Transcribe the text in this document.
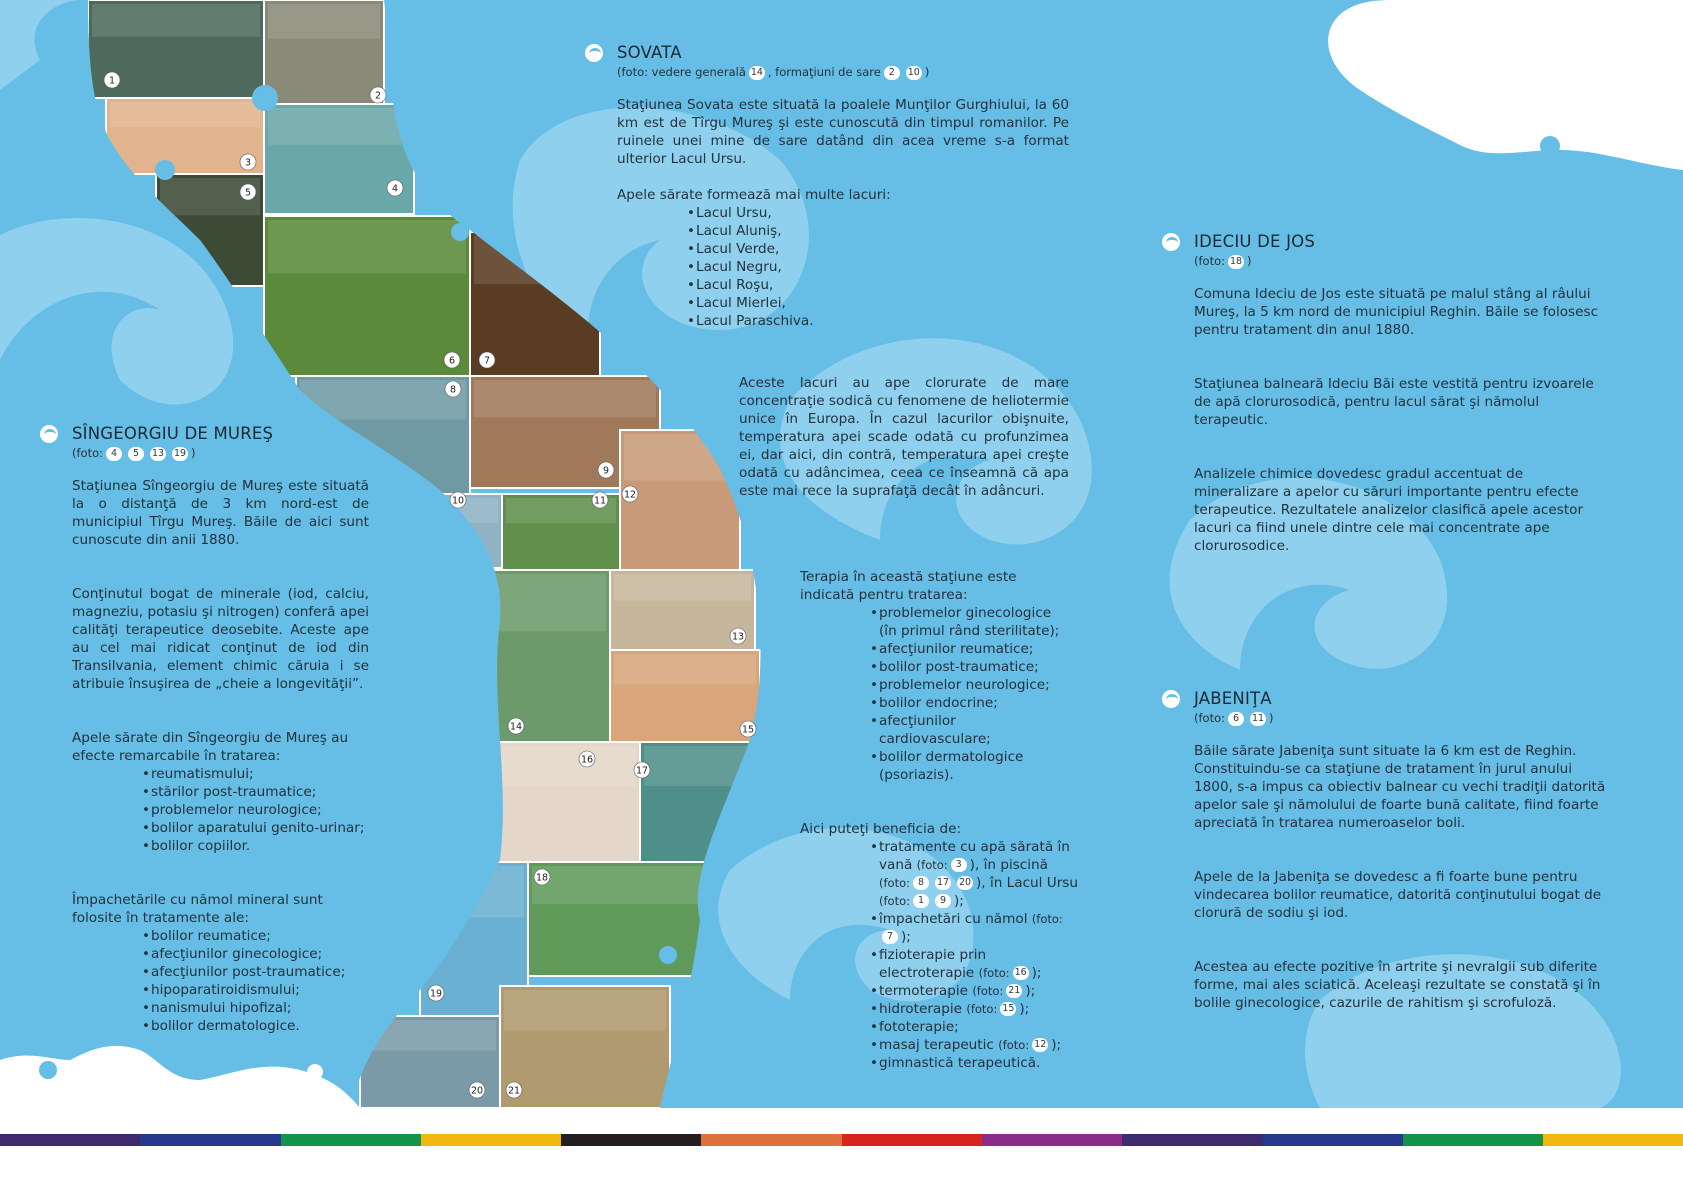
1
2
3
4
5
6	7
8
9
10	11
12
13
14	15
16
17
18
19
20	21
SOVATA
(foto: vedere generală 14 , formaţiuni de sare 2 10 )

Staţiunea Sovata este situată la poalele Munţilor Gurghiului, la 60 km est de Tîrgu Mureş şi este cunoscută din timpul romanilor. Pe ruinele unei mine de sare datând din acea vreme s-a format ulterior Lacul Ursu.

Apele sărate formează mai multe lacuri:

• Lacul Ursu,
• Lacul Aluniş,
• Lacul Verde,
• Lacul Negru,
• Lacul Roşu,
• Lacul Mierlei,
• Lacul Paraschiva.

Aceste lacuri au ape clorurate de mare concentraţie sodică cu fenomene de heliotermie unice în Europa. În cazul lacurilor obişnuite, temperatura apei scade odată cu profunzimea ei, dar aici, din contră, temperatura apei creşte odată cu adâncimea, ceea ce înseamnă că apa este mai rece la suprafaţă decât în adâncuri.

Terapia în această staţiune este indicată pentru tratarea:

• problemelor ginecologice (în primul rând sterilitate);
• afecţiunilor reumatice;
• bolilor post-traumatice;
• problemelor neurologice;
• bolilor endocrine;
• afecţiunilor cardiovasculare;
• bolilor dermatologice (psoriazis).

Aici puteţi beneficia de:

• tratamente cu apă sărată în vană (foto: 3 ), în piscină (foto: 8 17 20 ), în Lacul Ursu (foto: 1 9 );
• împachetări cu nămol (foto:7 );
• fizioterapie prin electroterapie (foto: 16 );
• termoterapie (foto: 21 );
• hidroterapie (foto: 15 );
• fototerapie;
• masaj terapeutic (foto: 12 );
• gimnastică terapeutică.
SÎNGEORGIU DE MUREŞ
(foto: 4 5 13 19 )

Staţiunea Sîngeorgiu de Mureş este situată la o distanţă de 3 km nord-est de municipiul Tîrgu Mureş. Băile de aici sunt cunoscute din anii 1880.

Conţinutul bogat de minerale (iod, calciu, magneziu, potasiu şi nitrogen) conferă apei calităţi terapeutice deosebite. Aceste ape au cel mai ridicat conţinut de iod din Transilvania, element chimic căruia i se atribuie însuşirea de „cheie a longevităţii”.

Apele sărate din Sîngeorgiu de Mureş au efecte remarcabile în tratarea:

• reumatismului;
• stărilor post-traumatice;
• problemelor neurologice;
• bolilor aparatului genito-urinar;
• bolilor copiilor.

Împachetările cu nămol mineral sunt folosite în tratamente ale:

• bolilor reumatice;
• afecţiunilor ginecologice;
• afecţiunilor post-traumatice;
• hipoparatiroidismului;
• nanismului hipofizal;
• bolilor dermatologice.
IDECIU DE JOS
(foto: 18 )

Comuna Ideciu de Jos este situată pe malul stâng al râului Mureş, la 5 km nord de municipiul Reghin. Băile se folosesc pentru tratament din anul 1880.

Staţiunea balneară Ideciu Băi este vestită pentru izvoarele de apă clorurosodică, pentru lacul sărat şi nămolul terapeutic.

Analizele chimice dovedesc gradul accentuat de mineralizare a apelor cu săruri importante pentru efecte terapeutice. Rezultatele analizelor clasifică apele acestor lacuri ca fiind unele dintre cele mai concentrate ape clorurosodice.

JABENIŢA
(foto: 6 11 )

Băile sărate Jabeniţa sunt situate la 6 km est de Reghin. Constituindu-se ca staţiune de tratament în jurul anului 1800, s-a impus ca obiectiv balnear cu vechi tradiţii datorită apelor sale şi nămolului de foarte bună calitate, fiind foarte apreciată în tratarea numeroaselor boli.

Apele de la Jabeniţa se dovedesc a fi foarte bune pentru vindecarea bolilor reumatice, datorită conţinutului bogat de clorură de sodiu şi iod.

Acestea au efecte pozitive în artrite şi nevralgii sub diferite forme, mai ales sciatică. Aceleaşi rezultate se constată şi în bolile ginecologice, cazurile de rahitism şi scrofuloză.
